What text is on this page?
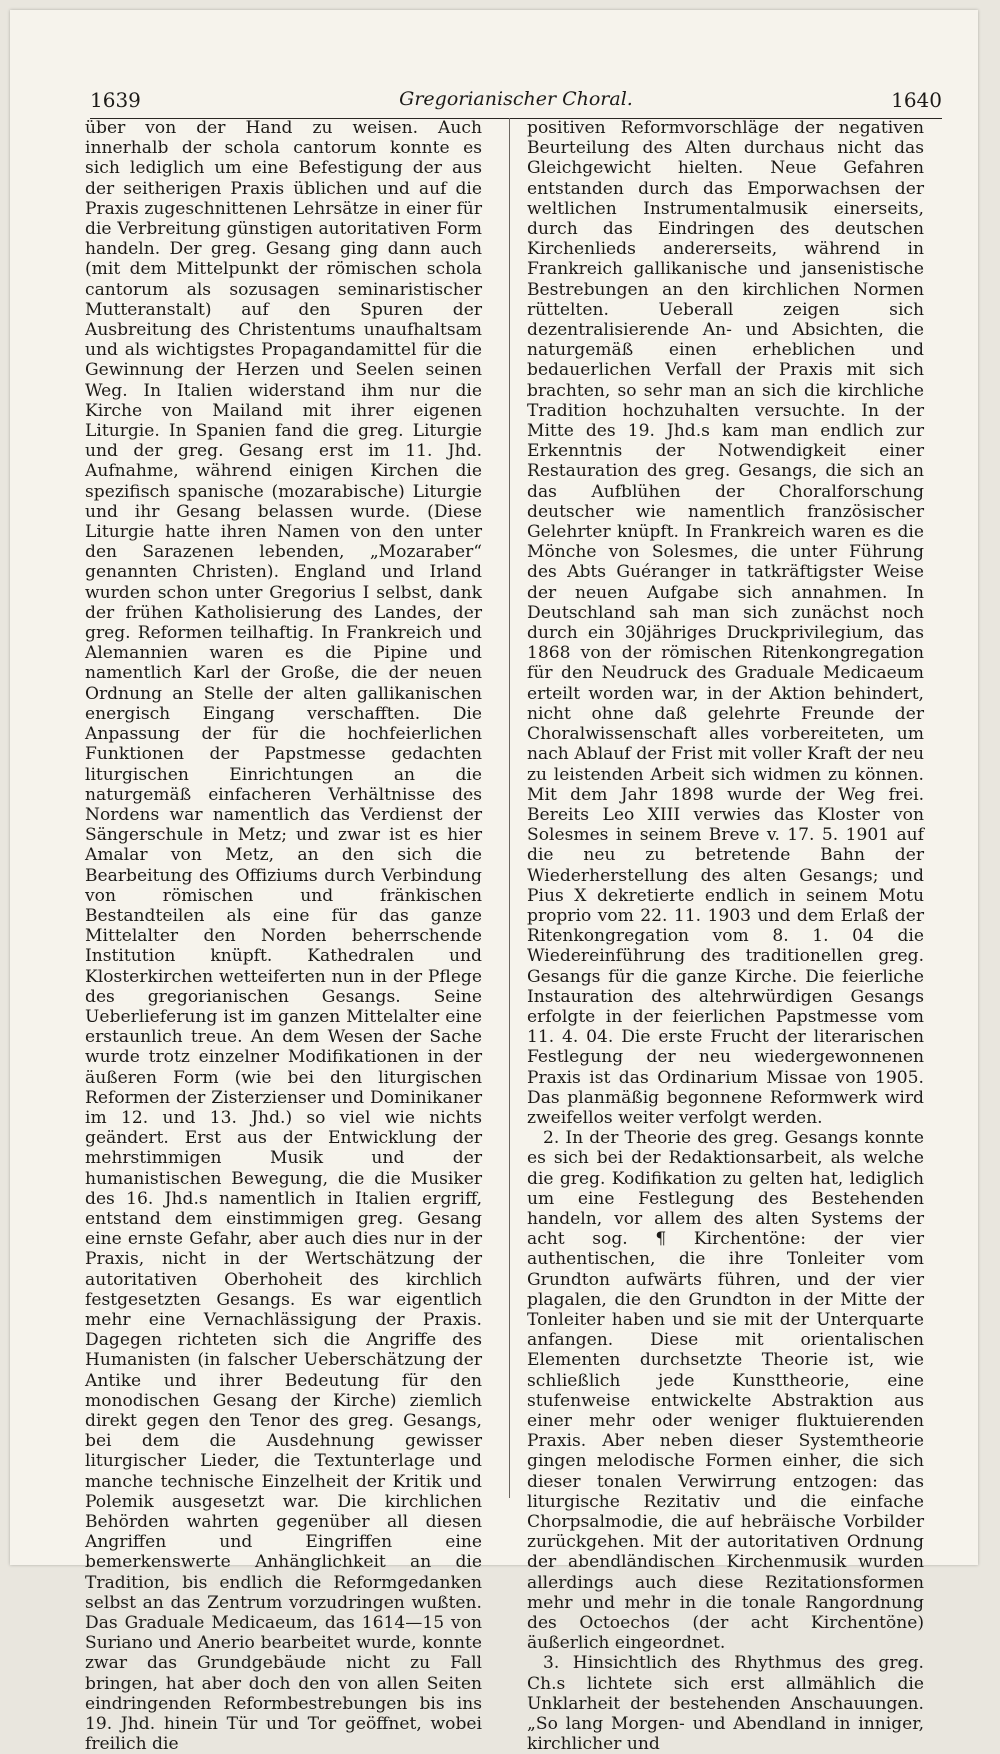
1639	Gregorianischer Choral.	1640

über von der Hand zu weisen. Auch innerhalb der schola cantorum konnte es sich lediglich um eine Befestigung der aus der seitherigen Praxis üblichen und auf die Praxis zugeschnittenen Lehrsätze in einer für die Verbreitung günstigen autoritativen Form handeln. Der greg. Gesang ging dann auch (mit dem Mittelpunkt der römischen schola cantorum als sozusagen seminaristischer Mutteranstalt) auf den Spuren der Ausbreitung des Christentums unaufhaltsam und als wichtigstes Propagandamittel für die Gewinnung der Herzen und Seelen seinen Weg. In Italien widerstand ihm nur die Kirche von Mailand mit ihrer eigenen Liturgie. In Spanien fand die greg. Liturgie und der greg. Gesang erst im 11. Jhd. Aufnahme, während einigen Kirchen die spezifisch spanische (mozarabische) Liturgie und ihr Gesang belassen wurde. (Diese Liturgie hatte ihren Namen von den unter den Sarazenen lebenden, „Mozaraber“ genannten Christen). England und Irland wurden schon unter Gregorius I selbst, dank der frühen Katholisierung des Landes, der greg. Reformen teilhaftig. In Frankreich und Alemannien waren es die Pipine und namentlich Karl der Große, die der neuen Ordnung an Stelle der alten gallikanischen energisch Eingang verschafften. Die Anpassung der für die hochfeierlichen Funktionen der Papstmesse gedachten liturgischen Einrichtungen an die naturgemäß einfacheren Verhältnisse des Nordens war namentlich das Verdienst der Sängerschule in Metz; und zwar ist es hier Amalar von Metz, an den sich die Bearbeitung des Offiziums durch Verbindung von römischen und fränkischen Bestandteilen als eine für das ganze Mittelalter den Norden beherrschende Institution knüpft. Kathedralen und Klosterkirchen wetteiferten nun in der Pflege des gregorianischen Gesangs. Seine Ueberlieferung ist im ganzen Mittelalter eine erstaunlich treue. An dem Wesen der Sache wurde trotz einzelner Modifikationen in der äußeren Form (wie bei den liturgischen Reformen der Zisterzienser und Dominikaner im 12. und 13. Jhd.) so viel wie nichts geändert. Erst aus der Entwicklung der mehrstimmigen Musik und der humanistischen Bewegung, die die Musiker des 16. Jhd.s namentlich in Italien ergriff, entstand dem einstimmigen greg. Gesang eine ernste Gefahr, aber auch dies nur in der Praxis, nicht in der Wertschätzung der autoritativen Oberhoheit des kirchlich festgesetzten Gesangs. Es war eigentlich mehr eine Vernachlässigung der Praxis. Dagegen richteten sich die Angriffe des Humanisten (in falscher Ueberschätzung der Antike und ihrer Bedeutung für den monodischen Gesang der Kirche) ziemlich direkt gegen den Tenor des greg. Gesangs, bei dem die Ausdehnung gewisser liturgischer Lieder, die Textunterlage und manche technische Einzelheit der Kritik und Polemik ausgesetzt war. Die kirchlichen Behörden wahrten gegenüber all diesen Angriffen und Eingriffen eine bemerkenswerte Anhänglichkeit an die Tradition, bis endlich die Reformgedanken selbst an das Zentrum vorzudringen wußten. Das Graduale Medicaeum, das 1614—15 von Suriano und Anerio bearbeitet wurde, konnte zwar das Grundgebäude nicht zu Fall bringen, hat aber doch den von allen Seiten eindringenden Reformbestrebungen bis ins 19. Jhd. hinein Tür und Tor geöffnet, wobei freilich die

positiven Reformvorschläge der negativen Beurteilung des Alten durchaus nicht das Gleichgewicht hielten. Neue Gefahren entstanden durch das Emporwachsen der weltlichen Instrumentalmusik einerseits, durch das Eindringen des deutschen Kirchenlieds andererseits, während in Frankreich gallikanische und jansenistische Bestrebungen an den kirchlichen Normen rüttelten. Ueberall zeigen sich dezentralisierende An- und Absichten, die naturgemäß einen erheblichen und bedauerlichen Verfall der Praxis mit sich brachten, so sehr man an sich die kirchliche Tradition hochzuhalten versuchte. In der Mitte des 19. Jhd.s kam man endlich zur Erkenntnis der Notwendigkeit einer Restauration des greg. Gesangs, die sich an das Aufblühen der Choralforschung deutscher wie namentlich französischer Gelehrter knüpft. In Frankreich waren es die Mönche von Solesmes, die unter Führung des Abts Guéranger in tatkräftigster Weise der neuen Aufgabe sich annahmen. In Deutschland sah man sich zunächst noch durch ein 30jähriges Druckprivilegium, das 1868 von der römischen Ritenkongregation für den Neudruck des Graduale Medicaeum erteilt worden war, in der Aktion behindert, nicht ohne daß gelehrte Freunde der Choralwissenschaft alles vorbereiteten, um nach Ablauf der Frist mit voller Kraft der neu zu leistenden Arbeit sich widmen zu können. Mit dem Jahr 1898 wurde der Weg frei. Bereits Leo XIII verwies das Kloster von Solesmes in seinem Breve v. 17. 5. 1901 auf die neu zu betretende Bahn der Wiederherstellung des alten Gesangs; und Pius X dekretierte endlich in seinem Motu proprio vom 22. 11. 1903 und dem Erlaß der Ritenkongregation vom 8. 1. 04 die Wiedereinführung des traditionellen greg. Gesangs für die ganze Kirche. Die feierliche Instauration des altehrwürdigen Gesangs erfolgte in der feierlichen Papstmesse vom 11. 4. 04. Die erste Frucht der literarischen Festlegung der neu wiedergewonnenen Praxis ist das Ordinarium Missae von 1905. Das planmäßig begonnene Reformwerk wird zweifellos weiter verfolgt werden.

2. In der Theorie des greg. Gesangs konnte es sich bei der Redaktionsarbeit, als welche die greg. Kodifikation zu gelten hat, lediglich um eine Festlegung des Bestehenden handeln, vor allem des alten Systems der acht sog. ¶ Kirchentöne: der vier authentischen, die ihre Tonleiter vom Grundton aufwärts führen, und der vier plagalen, die den Grundton in der Mitte der Tonleiter haben und sie mit der Unterquarte anfangen. Diese mit orientalischen Elementen durchsetzte Theorie ist, wie schließlich jede Kunsttheorie, eine stufenweise entwickelte Abstraktion aus einer mehr oder weniger fluktuierenden Praxis. Aber neben dieser Systemtheorie gingen melodische Formen einher, die sich dieser tonalen Verwirrung entzogen: das liturgische Rezitativ und die einfache Chorpsalmodie, die auf hebräische Vorbilder zurückgehen. Mit der autoritativen Ordnung der abendländischen Kirchenmusik wurden allerdings auch diese Rezitationsformen mehr und mehr in die tonale Rangordnung des Octoechos (der acht Kirchentöne) äußerlich eingeordnet.

3. Hinsichtlich des Rhythmus des greg. Ch.s lichtete sich erst allmählich die Unklarheit der bestehenden Anschauungen. „So lang Morgen- und Abendland in inniger, kirchlicher und
